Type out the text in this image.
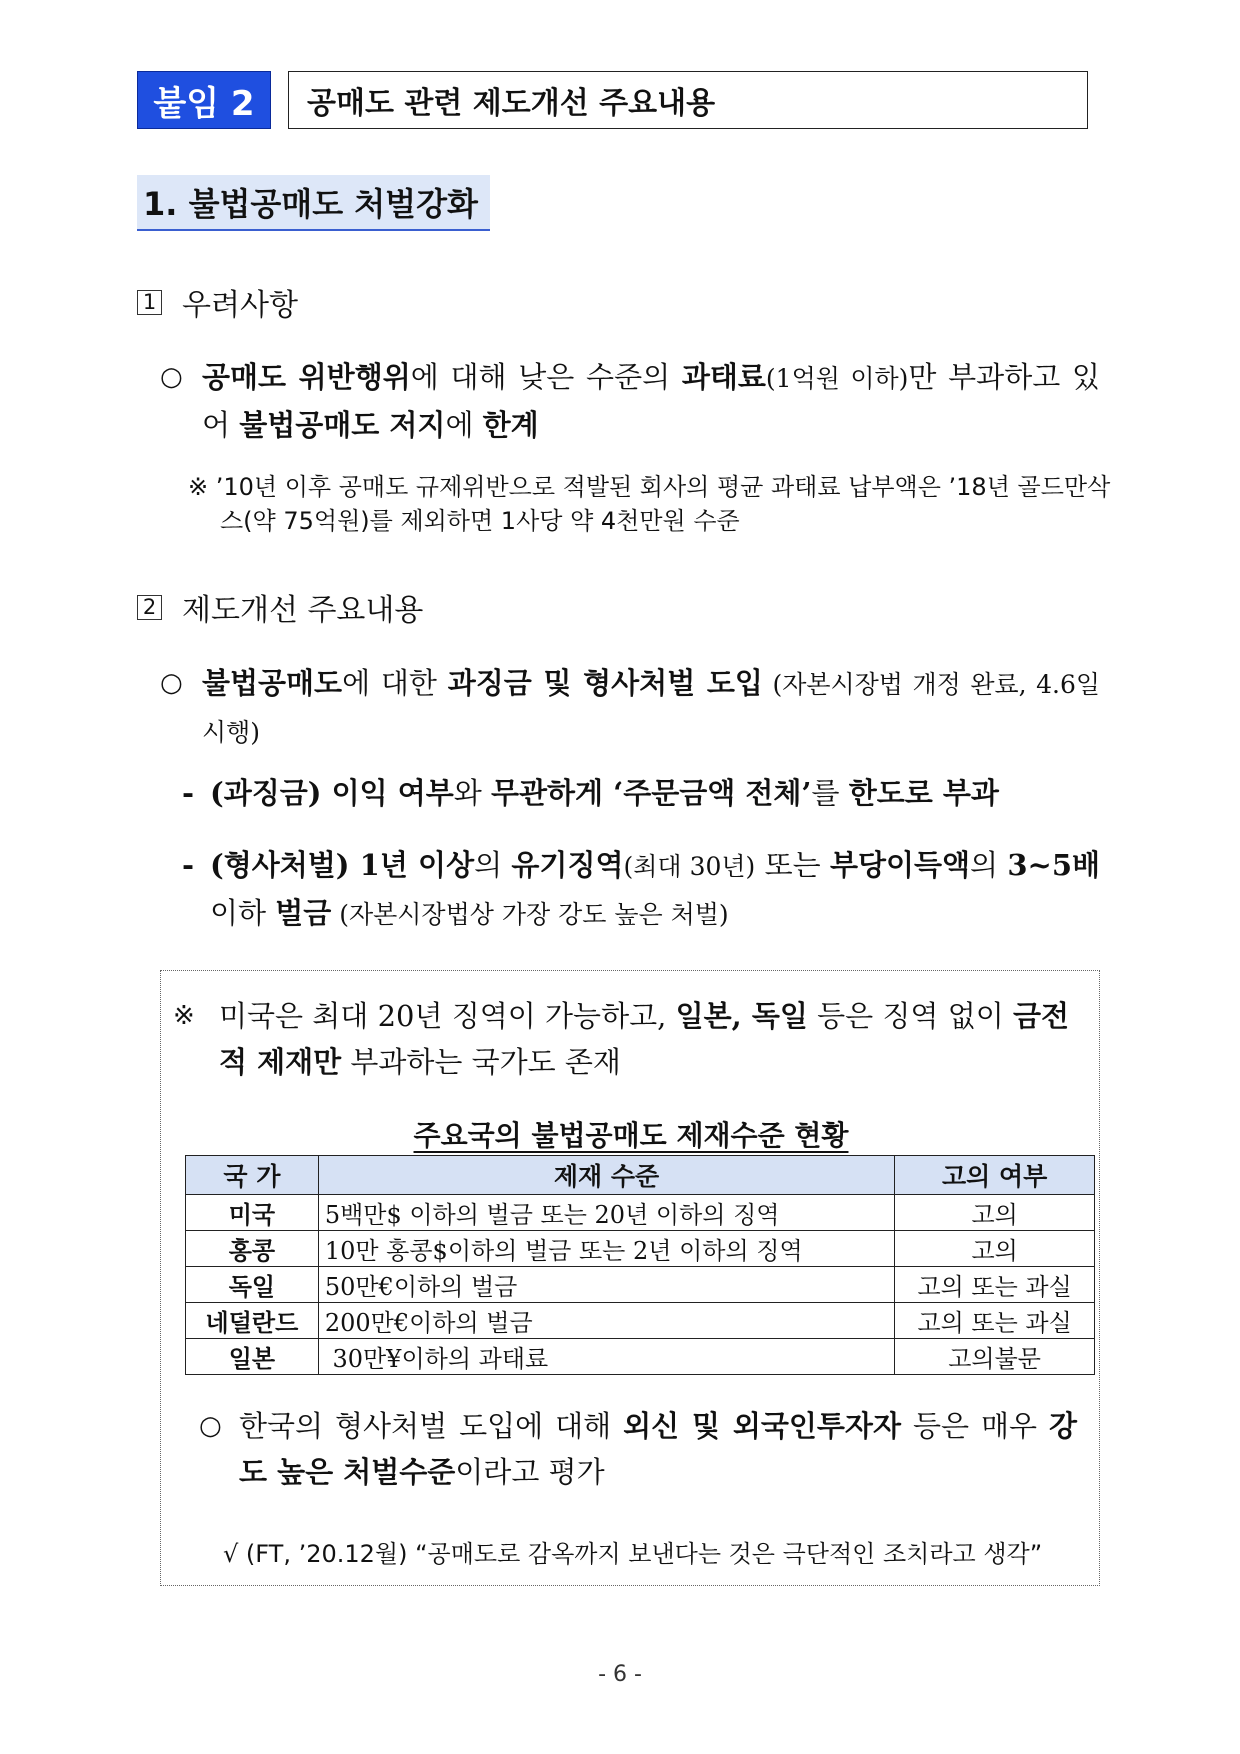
붙임 2	공매도 관련 제도개선 주요내용
1. 불법공매도 처벌강화
1 우려사항
○ 공매도 위반행위에 대해 낮은 수준의 과태료(1억원 이하)만 부과하고 있어 불법공매도 저지에 한계
※ ’10년 이후 공매도 규제위반으로 적발된 회사의 평균 과태료 납부액은 ’18년 골드만삭스(약 75억원)를 제외하면 1사당 약 4천만원 수준
2 제도개선 주요내용
○ 불법공매도에 대한 과징금 및 형사처벌 도입 (자본시장법 개정 완료, 4.6일 시행)
- (과징금) 이익 여부와 무관하게 ‘주문금액 전체’를 한도로 부과
- (형사처벌) 1년 이상의 유기징역(최대 30년) 또는 부당이득액의 3~5배 이하 벌금 (자본시장법상 가장 강도 높은 처벌)
※ 미국은 최대 20년 징역이 가능하고, 일본, 독일 등은 징역 없이 금전적 제재만 부과하는 국가도 존재
주요국의 불법공매도 제재수준 현황
국 가	제재 수준	고의 여부
미국	5백만$ 이하의 벌금 또는 20년 이하의 징역	고의
홍콩	10만 홍콩$이하의 벌금 또는 2년 이하의 징역	고의
독일	50만€이하의 벌금	고의 또는 과실
네덜란드	200만€이하의 벌금	고의 또는 과실
일본	30만¥이하의 과태료	고의불문
○ 한국의 형사처벌 도입에 대해 외신 및 외국인투자자 등은 매우 강도 높은 처벌수준이라고 평가
√ (FT, ’20.12월) “공매도로 감옥까지 보낸다는 것은 극단적인 조치라고 생각”
- 6 -
